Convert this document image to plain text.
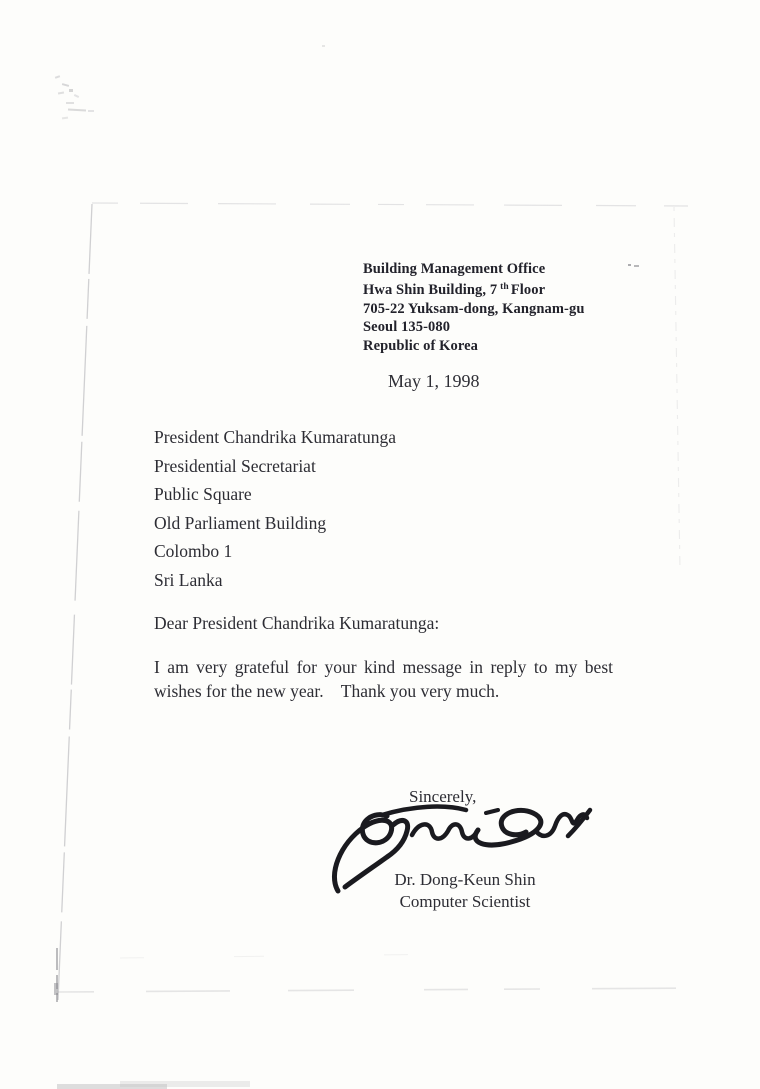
Building Management Office
Hwa Shin Building, 7 $^{th}$ Floor
705-22 Yuksam-dong, Kangnam-gu
Seoul 135-080
Republic of Korea
May 1, 1998
President Chandrika Kumaratunga
Presidential Secretariat
Public Square
Old Parliament Building
Colombo 1
Sri Lanka
Dear President Chandrika Kumaratunga:
I am very grateful for your kind message in reply to my best
wishes for the new year.    Thank you very much.
Sincerely,
Dr. Dong-Keun Shin
Computer Scientist
